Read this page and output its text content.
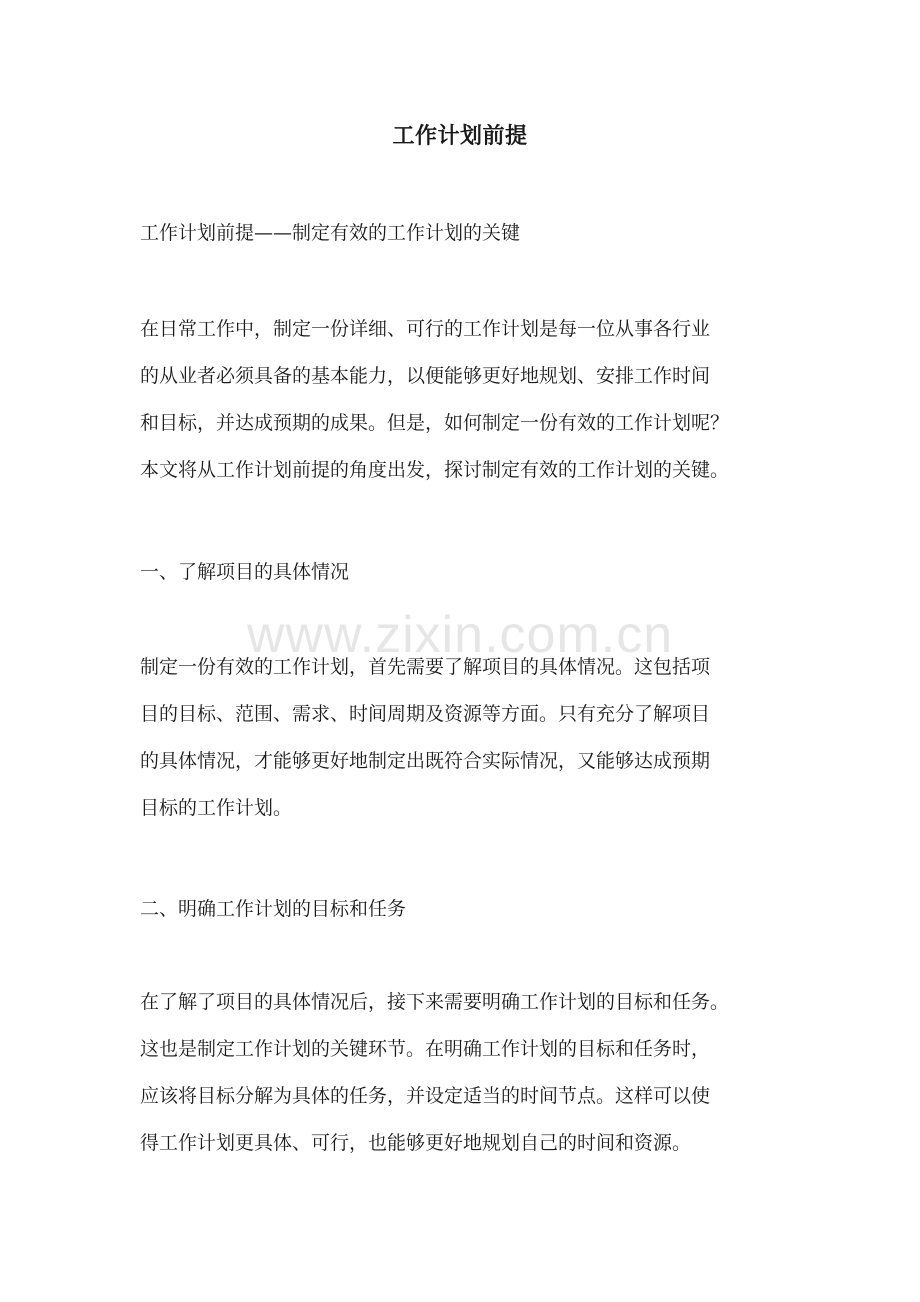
工作计划前提
工作计划前提——制定有效的工作计划的关键
在日常工作中，制定一份详细、可行的工作计划是每一位从事各行业
的从业者必须具备的基本能力，以便能够更好地规划、安排工作时间
和目标，并达成预期的成果。但是，如何制定一份有效的工作计划呢？
本文将从工作计划前提的角度出发，探讨制定有效的工作计划的关键。
一、了解项目的具体情况
制定一份有效的工作计划，首先需要了解项目的具体情况。这包括项
目的目标、范围、需求、时间周期及资源等方面。只有充分了解项目
的具体情况，才能够更好地制定出既符合实际情况，又能够达成预期
目标的工作计划。
二、明确工作计划的目标和任务
在了解了项目的具体情况后，接下来需要明确工作计划的目标和任务。
这也是制定工作计划的关键环节。在明确工作计划的目标和任务时，
应该将目标分解为具体的任务，并设定适当的时间节点。这样可以使
得工作计划更具体、可行，也能够更好地规划自己的时间和资源。
www.zixin.com.cn
